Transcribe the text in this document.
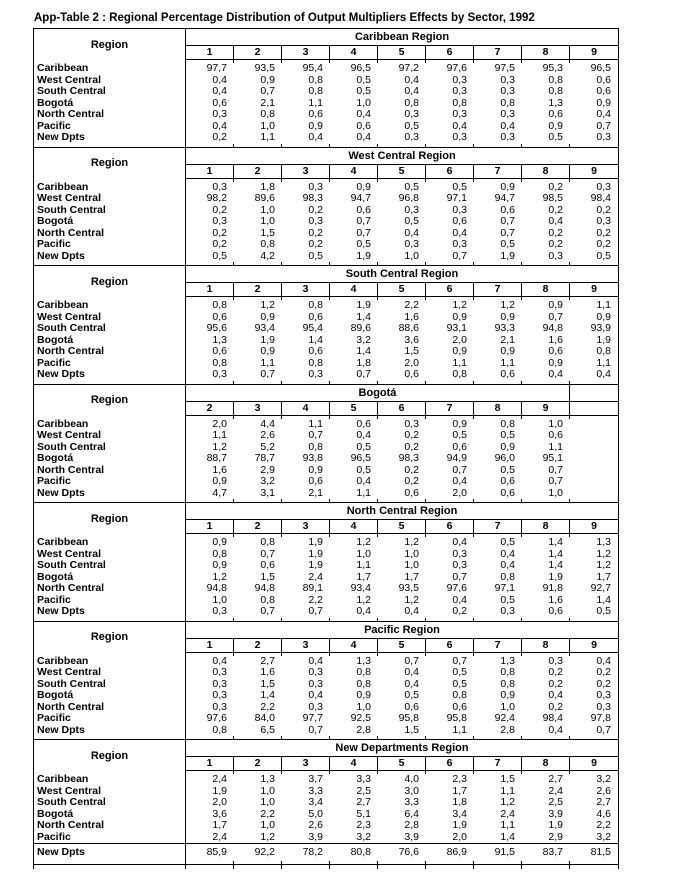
App-Table 2 : Regional Percentage Distribution of Output Multipliers Effects by Sector, 1992
Region
Caribbean Region
1	2	3	4	5	6	7	8	9
Caribbean	97,7	93,5	95,4	96,5	97,2	97,6	97,5	95,3	96,5
West Central	0,4	0,9	0,8	0,5	0,4	0,3	0,3	0,8	0,6
South Central	0,4	0,7	0,8	0,5	0,4	0,3	0,3	0,8	0,6
Bogotá	0,6	2,1	1,1	1,0	0,8	0,8	0,8	1,3	0,9
North Central	0,3	0,8	0,6	0,4	0,3	0,3	0,3	0,6	0,4
Pacific	0,4	1,0	0,9	0,6	0,5	0,4	0,4	0,9	0,7
New Dpts	0,2	1,1	0,4	0,4	0,3	0,3	0,3	0,5	0,3
Region
West Central Region
1	2	3	4	5	6	7	8	9
Caribbean	0,3	1,8	0,3	0,9	0,5	0,5	0,9	0,2	0,3
West Central	98,2	89,6	98,3	94,7	96,8	97,1	94,7	98,5	98,4
South Central	0,2	1,0	0,2	0,6	0,3	0,3	0,6	0,2	0,2
Bogotá	0,3	1,0	0,3	0,7	0,5	0,6	0,7	0,4	0,3
North Central	0,2	1,5	0,2	0,7	0,4	0,4	0,7	0,2	0,2
Pacific	0,2	0,8	0,2	0,5	0,3	0,3	0,5	0,2	0,2
New Dpts	0,5	4,2	0,5	1,9	1,0	0,7	1,9	0,3	0,5
Region
South Central Region
1	2	3	4	5	6	7	8	9
Caribbean	0,8	1,2	0,8	1,9	2,2	1,2	1,2	0,9	1,1
West Central	0,6	0,9	0,6	1,4	1,6	0,9	0,9	0,7	0,9
South Central	95,6	93,4	95,4	89,6	88,6	93,1	93,3	94,8	93,9
Bogotá	1,3	1,9	1,4	3,2	3,6	2,0	2,1	1,6	1,9
North Central	0,6	0,9	0,6	1,4	1,5	0,9	0,9	0,6	0,8
Pacific	0,8	1,1	0,8	1,8	2,0	1,1	1,1	0,9	1,1
New Dpts	0,3	0,7	0,3	0,7	0,6	0,8	0,6	0,4	0,4
Region
Bogotá
2	3	4	5	6	7	8	9
Caribbean	2,0	4,4	1,1	0,6	0,3	0,9	0,8	1,0
West Central	1,1	2,6	0,7	0,4	0,2	0,5	0,5	0,6
South Central	1,2	5,2	0,8	0,5	0,2	0,6	0,9	1,1
Bogotá	88,7	78,7	93,8	96,5	98,3	94,9	96,0	95,1
North Central	1,6	2,9	0,9	0,5	0,2	0,7	0,5	0,7
Pacific	0,9	3,2	0,6	0,4	0,2	0,4	0,6	0,7
New Dpts	4,7	3,1	2,1	1,1	0,6	2,0	0,6	1,0
Region
North Central Region
1	2	3	4	5	6	7	8	9
Caribbean	0,9	0,8	1,9	1,2	1,2	0,4	0,5	1,4	1,3
West Central	0,8	0,7	1,9	1,0	1,0	0,3	0,4	1,4	1,2
South Central	0,9	0,6	1,9	1,1	1,0	0,3	0,4	1,4	1,2
Bogotá	1,2	1,5	2,4	1,7	1,7	0,7	0,8	1,9	1,7
North Central	94,8	94,8	89,1	93,4	93,5	97,6	97,1	91,8	92,7
Pacific	1,0	0,8	2,2	1,2	1,2	0,4	0,5	1,6	1,4
New Dpts	0,3	0,7	0,7	0,4	0,4	0,2	0,3	0,6	0,5
Region
Pacific Region
1	2	3	4	5	6	7	8	9
Caribbean	0,4	2,7	0,4	1,3	0,7	0,7	1,3	0,3	0,4
West Central	0,3	1,6	0,3	0,8	0,4	0,5	0,8	0,2	0,2
South Central	0,3	1,5	0,3	0,8	0,4	0,5	0,8	0,2	0,2
Bogotá	0,3	1,4	0,4	0,9	0,5	0,8	0,9	0,4	0,3
North Central	0,3	2,2	0,3	1,0	0,6	0,6	1,0	0,2	0,3
Pacific	97,6	84,0	97,7	92,5	95,8	95,8	92,4	98,4	97,8
New Dpts	0,8	6,5	0,7	2,8	1,5	1,1	2,8	0,4	0,7
Region
New Departments Region
1	2	3	4	5	6	7	8	9
Caribbean	2,4	1,3	3,7	3,3	4,0	2,3	1,5	2,7	3,2
West Central	1,9	1,0	3,3	2,5	3,0	1,7	1,1	2,4	2,6
South Central	2,0	1,0	3,4	2,7	3,3	1,8	1,2	2,5	2,7
Bogotá	3,6	2,2	5,0	5,1	6,4	3,4	2,4	3,9	4,6
North Central	1,7	1,0	2,6	2,3	2,8	1,9	1,1	1,9	2,2
Pacific	2,4	1,2	3,9	3,2	3,9	2,0	1,4	2,9	3,2
New Dpts	85,9	92,2	78,2	80,8	76,6	86,9	91,5	83,7	81,5
